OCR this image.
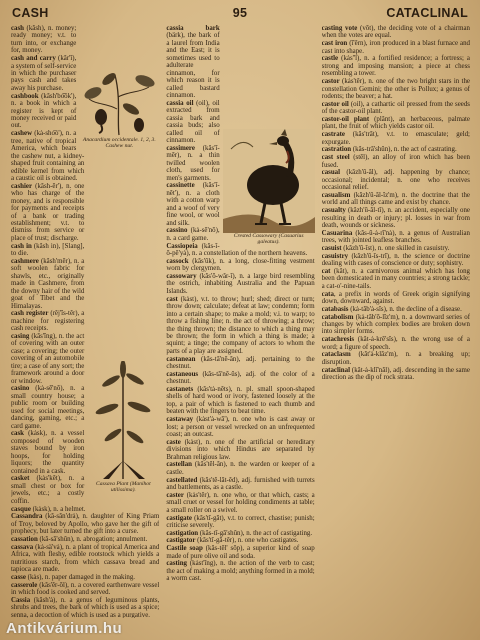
CASH	95	CATACLINAL
Anacardium occidentale. 1, 2, 3. Cashew nut.
Cassava Plant (Manihot utilissima).
cash (kăsh), n. money; ready money; v.t. to turn into, or exchange for, money.
cash and carry (kăr'ĭ), a system of self-service in which the purchaser pays cash and takes away his purchase.
cashbook (kăsh'bo͝ok'), n. a book in which a register is kept of money received or paid out.
cashew (kȧ-sho͞o'), n. a tree, native of tropical America, which bears the cashew nut, a kidney-shaped fruit containing an edible kernel from which a caustic oil is obtained.
cashier (kăsh-ēr'), n. one who has charge of the money, and is responsible for payments and receipts of a bank or trading establishment; v.t. to dismiss from service or place of trust; discharge.
cash in (kăsh in), [Slang], to die.
cashmere (kăsh'mēr), n. a soft woolen fabric for shawls, etc., originally made in Cashmere, from the downy hair of the wild goat of Tibet and the Himalayas.
cash register (rĕj'ĭs-tẽr), a machine for registering cash receipts.
casing (kās'ĭng), n. the act of covering with an outer case; a covering; the outer covering of an automobile tire; a case of any sort; the framework around a door or window.
casino (kȧ-sē'nō), n. a small country house; a public room or building used for social meetings, dancing, gaming, etc.; a card game.
cask (kȧsk), n. a vessel composed of wooden staves bound by iron hoops, for holding liquors; the quantity contained in a cask.
casket (kȧs'kĕt), n. a small chest or box for jewels, etc.; a costly coffin.
casque (kȧsk), n. a helmet.
Cassandra (kă-săn'drȧ), n. daughter of King Priam of Troy, beloved by Apollo, who gave her the gift of prophecy, but later turned the gift into a curse.
cassation (kă-sā'shŭn), n. abrogation; annulment.
cassava (kȧ-sä'vȧ), n. a plant of tropical America and Africa, with fleshy, edible rootstock which yields a nutritious starch, from which cassava bread and tapioca are made.
casse (kȧs), n. paper damaged in the making.
casserole (kăs'ẽr-ōl), n. a covered earthenware vessel in which food is cooked and served.
Cassia (kăsh'ȧ), n. a genus of leguminous plants, shrubs and trees, the bark of which is used as a spice; senna, a decoction of which is used as a purgative.
Crested Cassowary (Casuarius galeatus).
cassia bark (bärk), the bark of a laurel from India and the East; it is sometimes used to adulterate cinnamon, for which reason it is called bastard cinnamon.
cassia oil (oil), oil extracted from cassia bark and cassia buds; also called oil of cinnamon.
cassimere (kăs'ĭ-mēr), n. a thin twilled woolen cloth, used for men's garments.
cassinette (kăs'ĭ-nĕt'), n. a cloth with a cotton warp and a woof of very fine wool, or wool and silk.
cassino (kȧ-sē'nō), n. a card game.
Cassiopeia (kăs-ĭ-ō-pē'yȧ), n. a constellation of the northern heavens.
cassock (kăs'ŭk), n. a long, close-fitting vestment worn by clergymen.
cassowary (kăs'ō-wâr-ĭ), n. a large bird resembling the ostrich, inhabiting Australia and the Papuan Islands.
cast (kȧst), v.t. to throw; hurl; shed; direct or turn; throw down; calculate; defeat at law; condemn; form into a certain shape; to make a mold; v.i. to warp; to throw a fishing line; n. the act of throwing; a throw; the thing thrown; the distance to which a thing may be thrown; the form in which a thing is made; a squint; a tinge; the company of actors to whom the parts of a play are assigned.
castanean (kăs-tā'nē-ăn), adj. pertaining to the chestnut.
castaneous (kăs-tā'nē-ŭs), adj. of the color of a chestnut.
castanets (kăs'tȧ-nĕts), n. pl. small spoon-shaped shells of hard wood or ivory, fastened loosely at the top, a pair of which is fastened to each thumb and beaten with the fingers to beat time.
castaway (kȧst'ȧ-wā'), n. one who is cast away or lost; a person or vessel wrecked on an unfrequented coast; an outcast.
caste (kȧst), n. one of the artificial or hereditary divisions into which Hindus are separated by Brahman religious law.
castellan (kăs'tĕl-ăn), n. the warden or keeper of a castle.
castellated (kăs'tĕ-lāt-ĕd), adj. furnished with turrets and battlements, as a castle.
caster (kȧs'tẽr), n. one who, or that which, casts; a small cruet or vessel for holding condiments at table; a small roller on a swivel.
castigate (kăs'tĭ-gāt), v.t. to correct, chastise; punish; criticise severely.
castigation (kăs-tĭ-gā'shŭn), n. the act of castigating.
castigator (kăs'tĭ-gā-tẽr), n. one who castigates.
Castile soap (kăs-tēl' sōp), a superior kind of soap made of pure olive oil and soda.
casting (kȧst'ĭng), n. the action of the verb to cast; the act of making a mold; anything formed in a mold; a worm cast.
casting vote (vōt), the deciding vote of a chairman when the votes are equal.
cast iron (ī'ẽrn), iron produced in a blast furnace and cast into shape.
castle (kȧs''l), n. a fortified residence; a fortress; a strong and imposing mansion; a piece at chess resembling a tower.
castor (kȧs'tẽr), n. one of the two bright stars in the constellation Gemini; the other is Pollux; a genus of rodents; the beaver; a hat.
castor oil (oil), a cathartic oil pressed from the seeds of the castor-oil plant.
castor-oil plant (plănt), an herbaceous, palmate plant, the fruit of which yields castor oil.
castrate (kăs'trāt), v.t. to emasculate; geld; expurgate.
castration (kăs-trā'shŭn), n. the act of castrating.
cast steel (stēl), an alloy of iron which has been fused.
casual (kăzh'ū-ăl), adj. happening by chance; occasional; incidental; n. one who receives occasional relief.
casualism (kăzh'ū-ăl-ĭz'm), n. the doctrine that the world and all things came and exist by chance.
casualty (kăzh'ū-ăl-tĭ), n. an accident, especially one resulting in death or injury; pl. losses in war from death, wounds or sickness.
Casuarina (kăs-ū-ȧ-rī'nȧ), n. a genus of Australian trees, with jointed leafless branches.
casuist (kăzh'ū-ĭst), n. one skilled in casuistry.
casuistry (kăzh'ū-ĭs-trĭ), n. the science or doctrine dealing with cases of conscience or duty; sophistry.
cat (kăt), n. a carnivorous animal which has long been domesticated in many countries; a strong tackle; a cat-o'-nine-tails.
cata, a prefix in words of Greek origin signifying down, downward, against.
catabasis (kȧ-tăb'ȧ-sĭs), n. the decline of a disease.
catabolism (kȧ-tăb'ō-lĭz'm), n. a downward series of changes by which complex bodies are broken down into simpler forms.
catachresis (kăt-ȧ-krē'sĭs), n. the wrong use of a word; a figure of speech.
cataclasm (kăt'ȧ-klăz'm), n. a breaking up; disruption.
cataclinal (kăt-ȧ-klī'năl), adj. descending in the same direction as the dip of rock strata.
Antikvárium.hu
